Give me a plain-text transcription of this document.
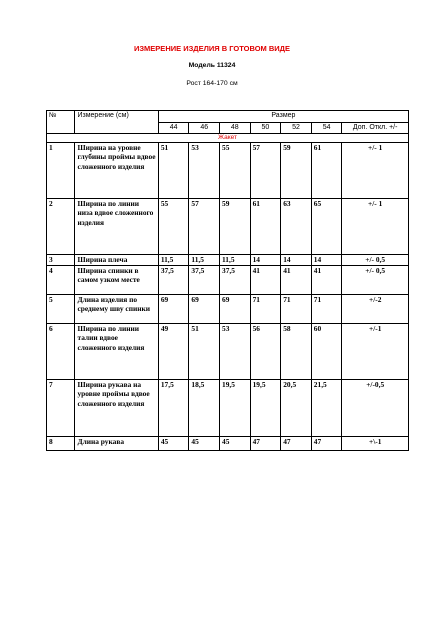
ИЗМЕРЕНИЕ ИЗДЕЛИЯ В ГОТОВОМ ВИДЕ
Модель 11324
Рост 164-170 см
№	Измерение (см)	Размер						
		44	46	48	50	52	54	Доп. Откл. +/-
Жакет								
1	Ширина на уровне глубины проймы вдвое сложенного изделия	51	53	55	57	59	61	+/- 1
2	Ширина по линии низа вдвое сложенного изделия	55	57	59	61	63	65	+/- 1
3	Ширина плеча	11,5	11,5	11,5	14	14	14	+/- 0,5
4	Ширина спинки в самом узком месте	37,5	37,5	37,5	41	41	41	+/- 0,5
5	Длина изделия по среднему шву спинки	69	69	69	71	71	71	+/-2
6	Ширина по линии талии вдвое сложенного изделия	49	51	53	56	58	60	+/-1
7	Ширина рукава на уровне проймы вдвое сложенного изделия	17,5	18,5	19,5	19,5	20,5	21,5	+/-0,5
8	Длина рукава	45	45	45	47	47	47	+\-1
